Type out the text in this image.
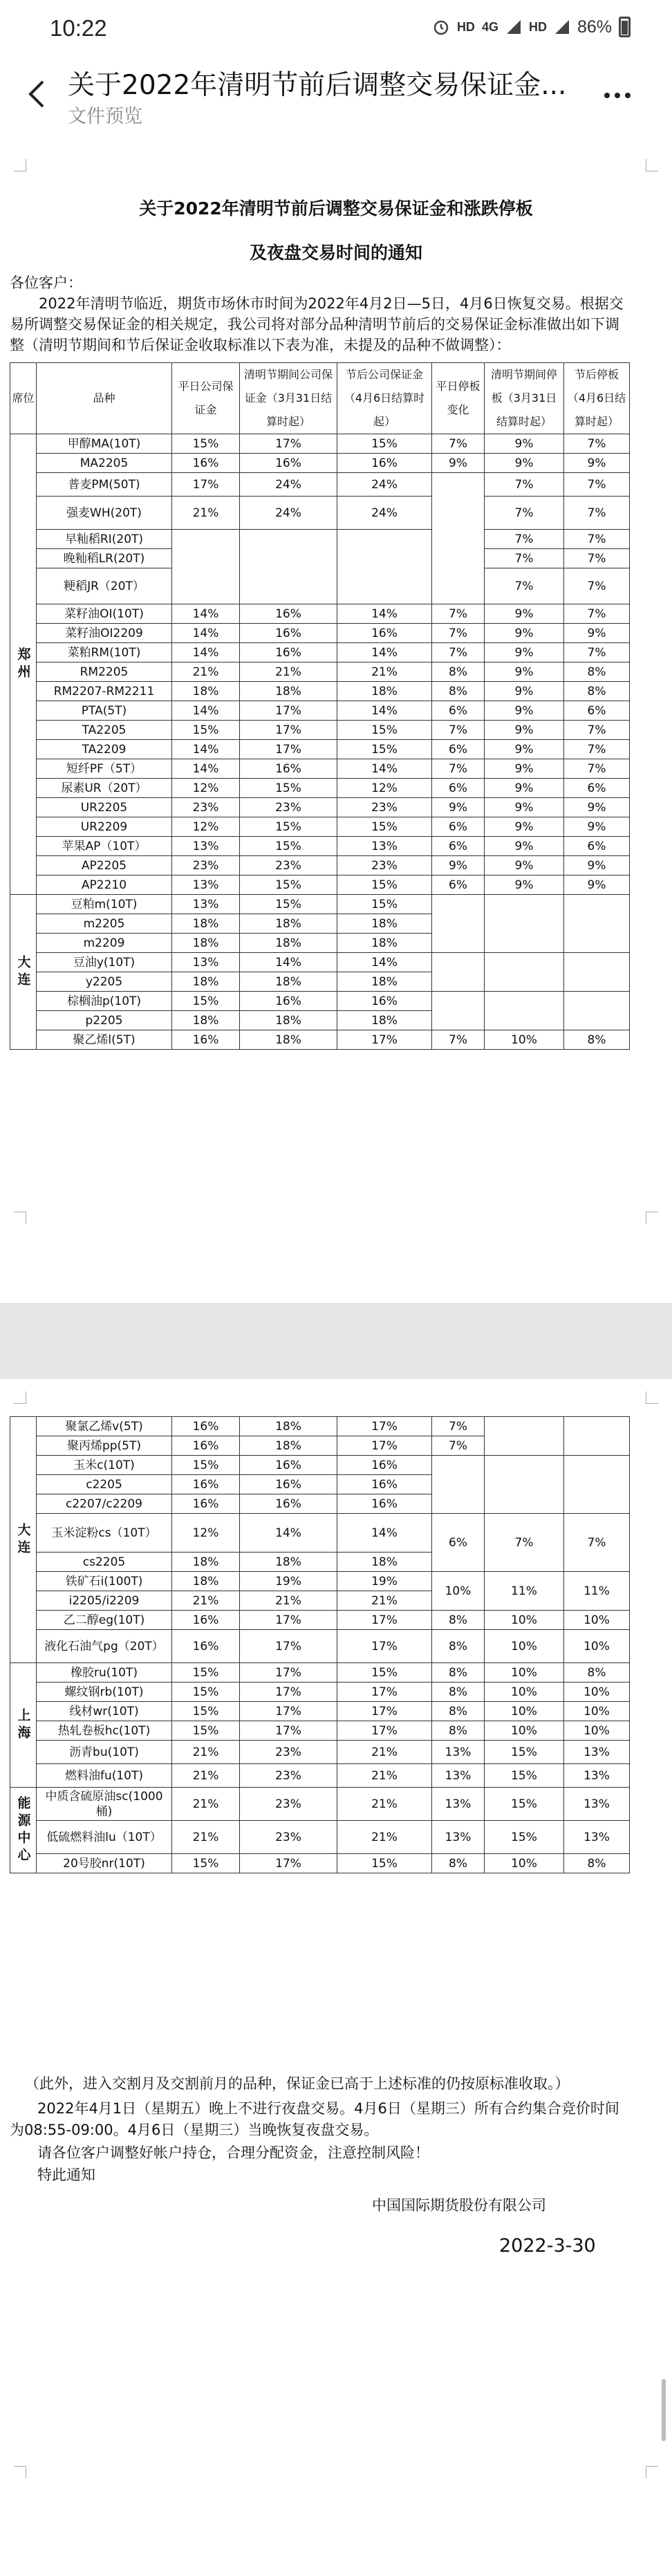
10:22	HD 4G HD 86%
关于2022年清明节前后调整交易保证金...
文件预览
关于2022年清明节前后调整交易保证金和涨跌停板
及夜盘交易时间的通知
各位客户：
2022年清明节临近，期货市场休市时间为2022年4月2日—5日，4月6日恢复交易。根据交易所调整交易保证金的相关规定，我公司将对部分品种清明节前后的交易保证金标准做出如下调整（清明节期间和节后保证金收取标准以下表为准，未提及的品种不做调整）：
席位	品种	平日公司保证金	清明节期间公司保证金（3月31日结算时起）	节后公司保证金（4月6日结算时起）	平日停板变化	清明节期间停板（3月31日结算时起）	节后停板（4月6日结算时起）
郑州	甲醇MA(10T)	15%	17%	15%	7%	9%	7%
	MA2205	16%	16%	16%	9%	9%	9%
	普麦PM(50T)	17%	24%	24%		7%	7%
	强麦WH(20T)	21%	24%	24%		7%	7%
	早籼稻RI(20T)					7%	7%
	晚籼稻LR(20T)					7%	7%
	粳稻JR（20T）					7%	7%
	菜籽油OI(10T)	14%	16%	14%	7%	9%	7%
	菜籽油OI2209	14%	16%	16%	7%	9%	9%
	菜粕RM(10T)	14%	16%	14%	7%	9%	7%
	RM2205	21%	21%	21%	8%	9%	8%
	RM2207-RM2211	18%	18%	18%	8%	9%	8%
	PTA(5T)	14%	17%	14%	6%	9%	6%
	TA2205	15%	17%	15%	7%	9%	7%
	TA2209	14%	17%	15%	6%	9%	7%
	短纤PF（5T）	14%	16%	14%	7%	9%	7%
	尿素UR（20T）	12%	15%	12%	6%	9%	6%
	UR2205	23%	23%	23%	9%	9%	9%
	UR2209	12%	15%	15%	6%	9%	9%
	苹果AP（10T）	13%	15%	13%	6%	9%	6%
	AP2205	23%	23%	23%	9%	9%	9%
	AP2210	13%	15%	15%	6%	9%	9%
大连	豆粕m(10T)	13%	15%	15%			
	m2205	18%	18%	18%			
	m2209	18%	18%	18%			
	豆油y(10T)	13%	14%	14%			
	y2205	18%	18%	18%			
	棕榈油p(10T)	15%	16%	16%			
	p2205	18%	18%	18%			
	聚乙烯l(5T)	16%	18%	17%	7%	10%	8%
大连	聚氯乙烯v(5T)	16%	18%	17%	7%		
	聚丙烯pp(5T)	16%	18%	17%	7%		
	玉米c(10T)	15%	16%	16%			
	c2205	16%	16%	16%			
	c2207/c2209	16%	16%	16%			
	玉米淀粉cs（10T）	12%	14%	14%	6%	7%	7%
	cs2205	18%	18%	18%			
	铁矿石i(100T)	18%	19%	19%	10%	11%	11%
	i2205/i2209	21%	21%	21%			
	乙二醇eg(10T)	16%	17%	17%	8%	10%	10%
	液化石油气pg（20T）	16%	17%	17%	8%	10%	10%
上海	橡胶ru(10T)	15%	17%	15%	8%	10%	8%
	螺纹钢rb(10T)	15%	17%	17%	8%	10%	10%
	线材wr(10T)	15%	17%	17%	8%	10%	10%
	热轧卷板hc(10T)	15%	17%	17%	8%	10%	10%
	沥青bu(10T)	21%	23%	21%	13%	15%	13%
	燃料油fu(10T)	21%	23%	21%	13%	15%	13%
能源中心	中质含硫原油sc(1000桶)	21%	23%	21%	13%	15%	13%
	低硫燃料油lu（10T）	21%	23%	21%	13%	15%	13%
	20号胶nr(10T)	15%	17%	15%	8%	10%	8%
（此外，进入交割月及交割前月的品种，保证金已高于上述标准的仍按原标准收取。）
2022年4月1日（星期五）晚上不进行夜盘交易。4月6日（星期三）所有合约集合竞价时间为08:55-09:00。4月6日（星期三）当晚恢复夜盘交易。
请各位客户调整好帐户持仓，合理分配资金，注意控制风险！
特此通知
中国国际期货股份有限公司
2022-3-30
